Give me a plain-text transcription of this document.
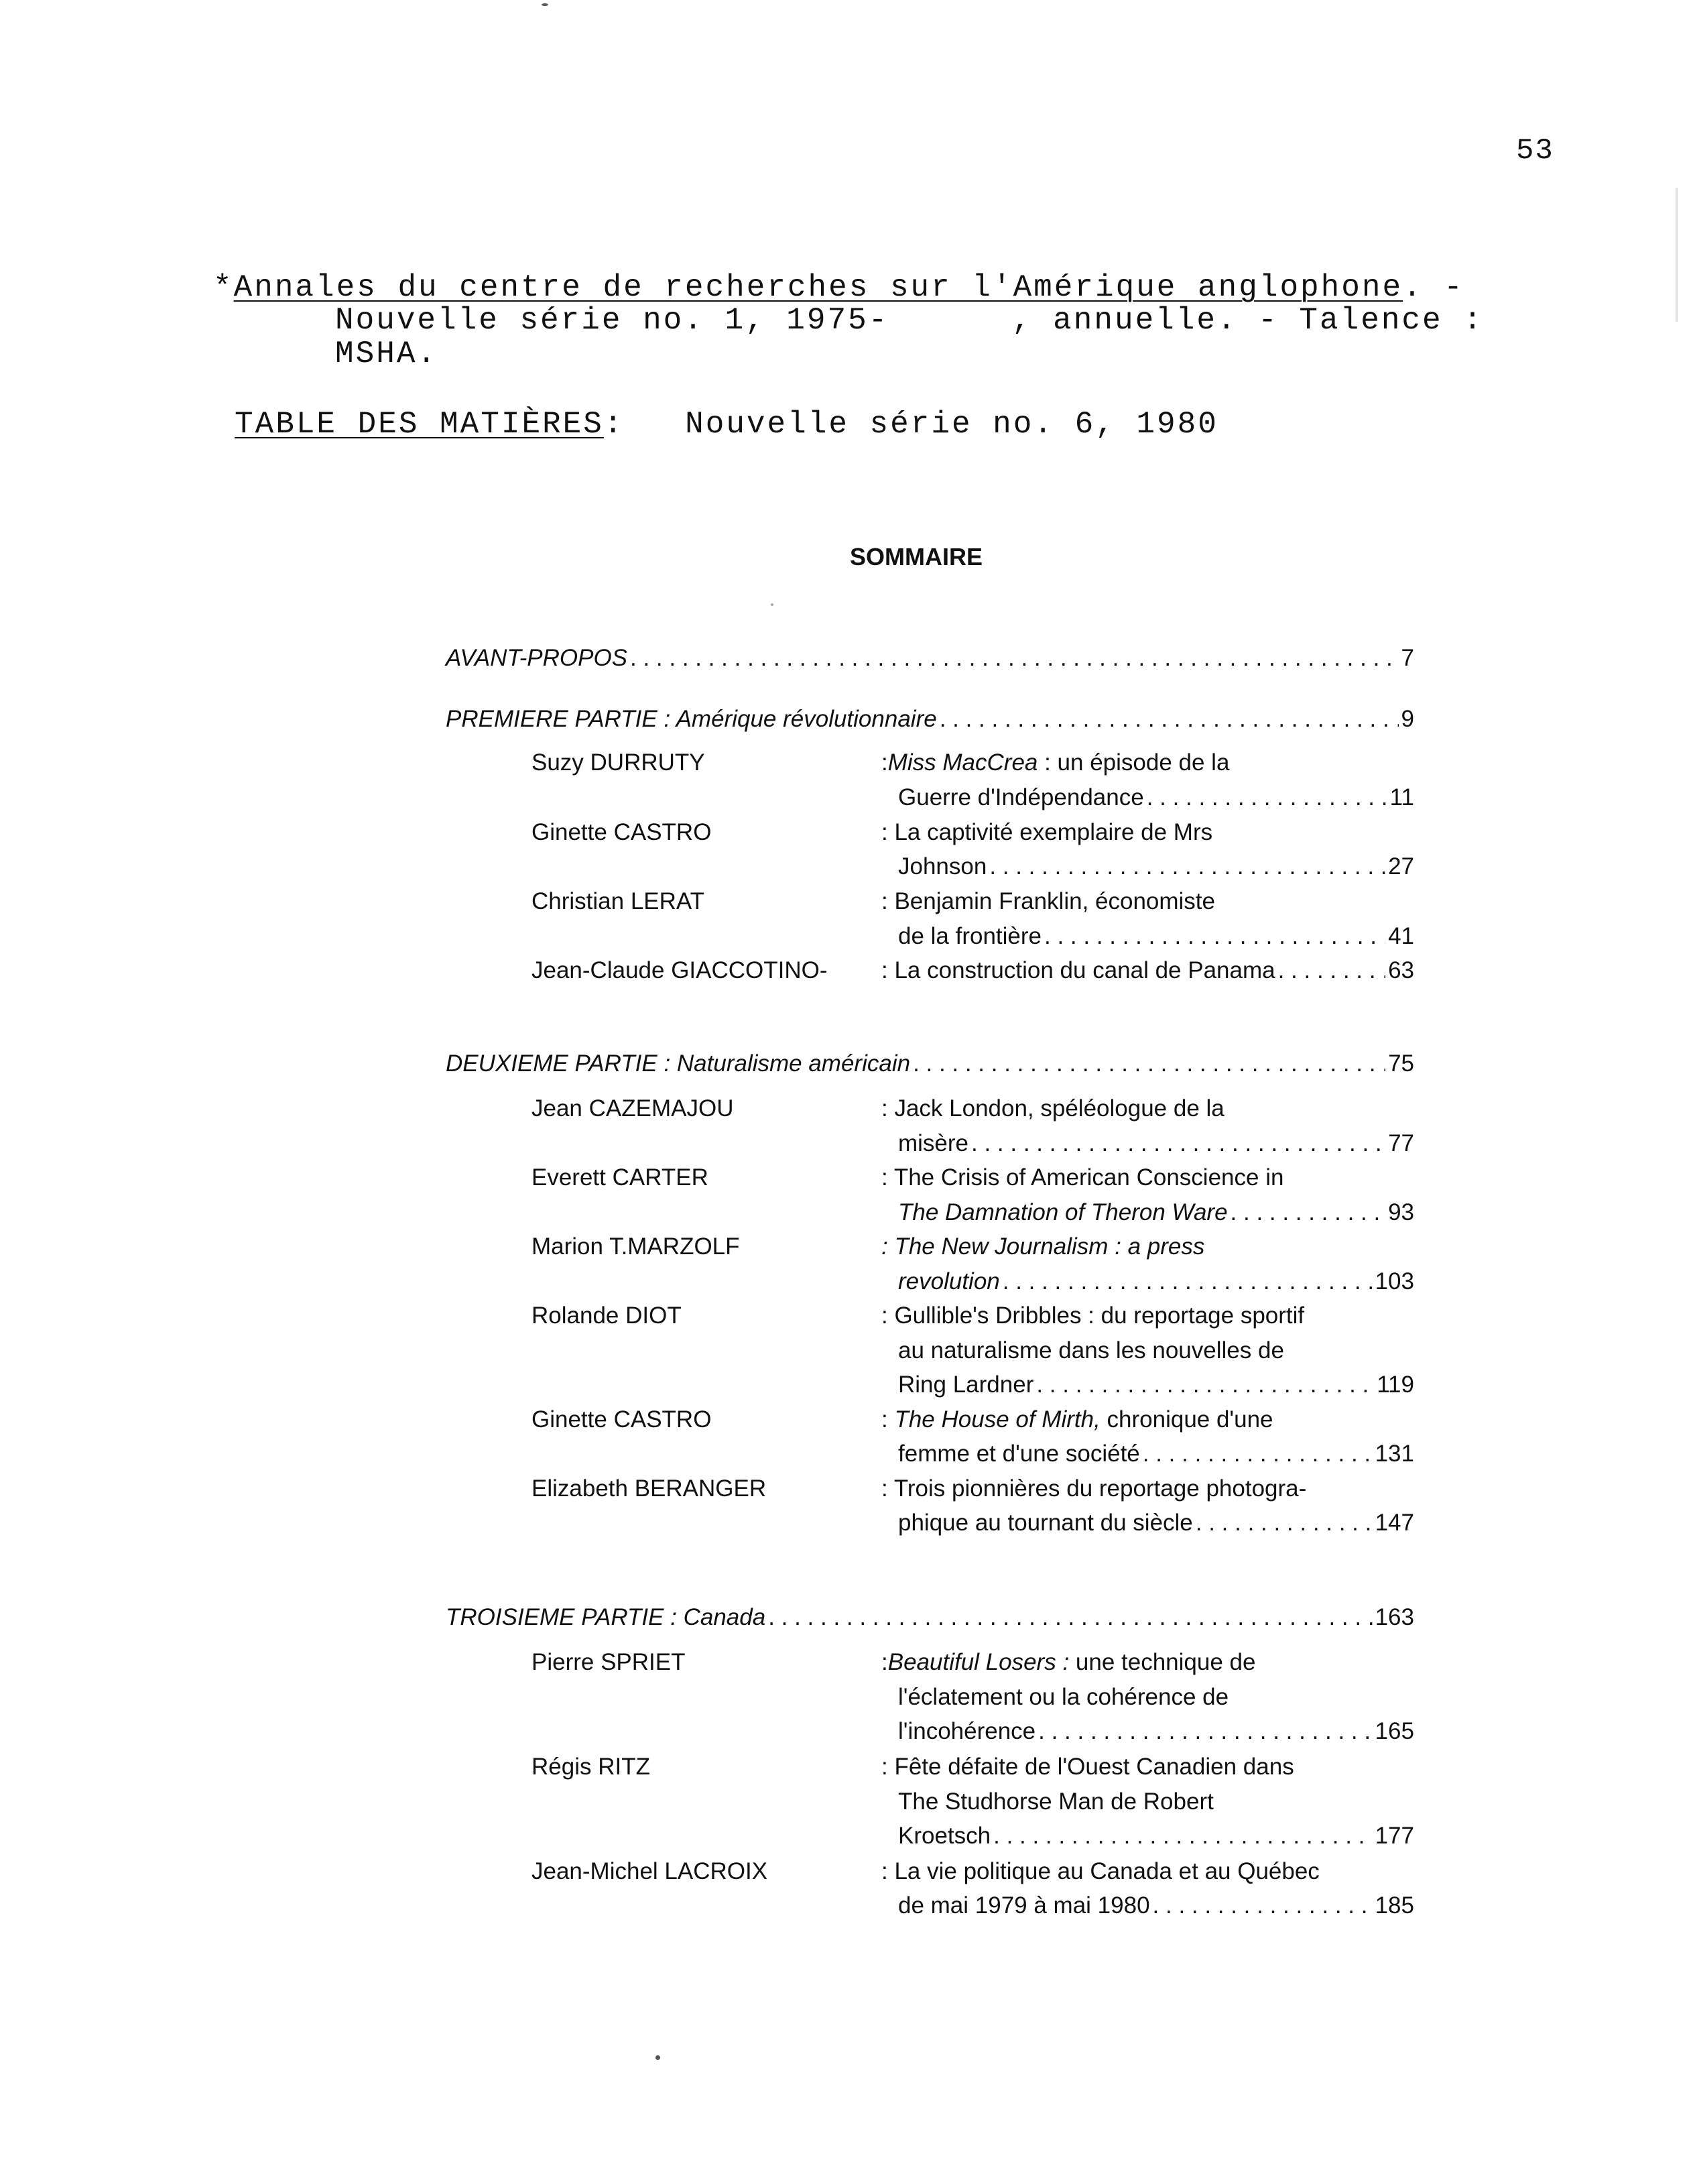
53
*Annales du centre de recherches sur l'Amérique anglophone. -
Nouvelle série no. 1, 1975-      , annuelle. - Talence :
MSHA.
TABLE DES MATIÈRES: Nouvelle série no. 6, 1980
SOMMAIRE
AVANT-PROPOS . . .	7
PREMIERE PARTIE : Amérique révolutionnaire . . .	9
Suzy DURRUTY	:Miss MacCrea : un épisode de la
Guerre d'Indépendance . . .	11
Ginette CASTRO	: La captivité exemplaire de Mrs
Johnson . . .	27
Christian LERAT	: Benjamin Franklin, économiste
de la frontière . . .	41
Jean-Claude GIACCOTINO- : La construction du canal de Panama . . .	63
DEUXIEME PARTIE : Naturalisme américain . . .	75
Jean CAZEMAJOU	: Jack London, spéléologue de la
misère . . .	77
Everett CARTER	: The Crisis of American Conscience in
The Damnation of Theron Ware . . .	93
Marion T.MARZOLF	: The New Journalism : a press
revolution . . .	103
Rolande DIOT	: Gullible's Dribbles : du reportage sportif
au naturalisme dans les nouvelles de
Ring Lardner . . .	119
Ginette CASTRO	: The House of Mirth, chronique d'une
femme et d'une société . . .	131
Elizabeth BERANGER	: Trois pionnières du reportage photogra-
phique au tournant du siècle . . .	147
TROISIEME PARTIE : Canada . . .	163
Pierre SPRIET	:Beautiful Losers : une technique de
l'éclatement ou la cohérence de
l'incohérence . . .	165
Régis RITZ	: Fête défaite de l'Ouest Canadien dans
The Studhorse Man de Robert
Kroetsch . . .	177
Jean-Michel LACROIX	: La vie politique au Canada et au Québec
de mai 1979 à mai 1980 . . .	185
